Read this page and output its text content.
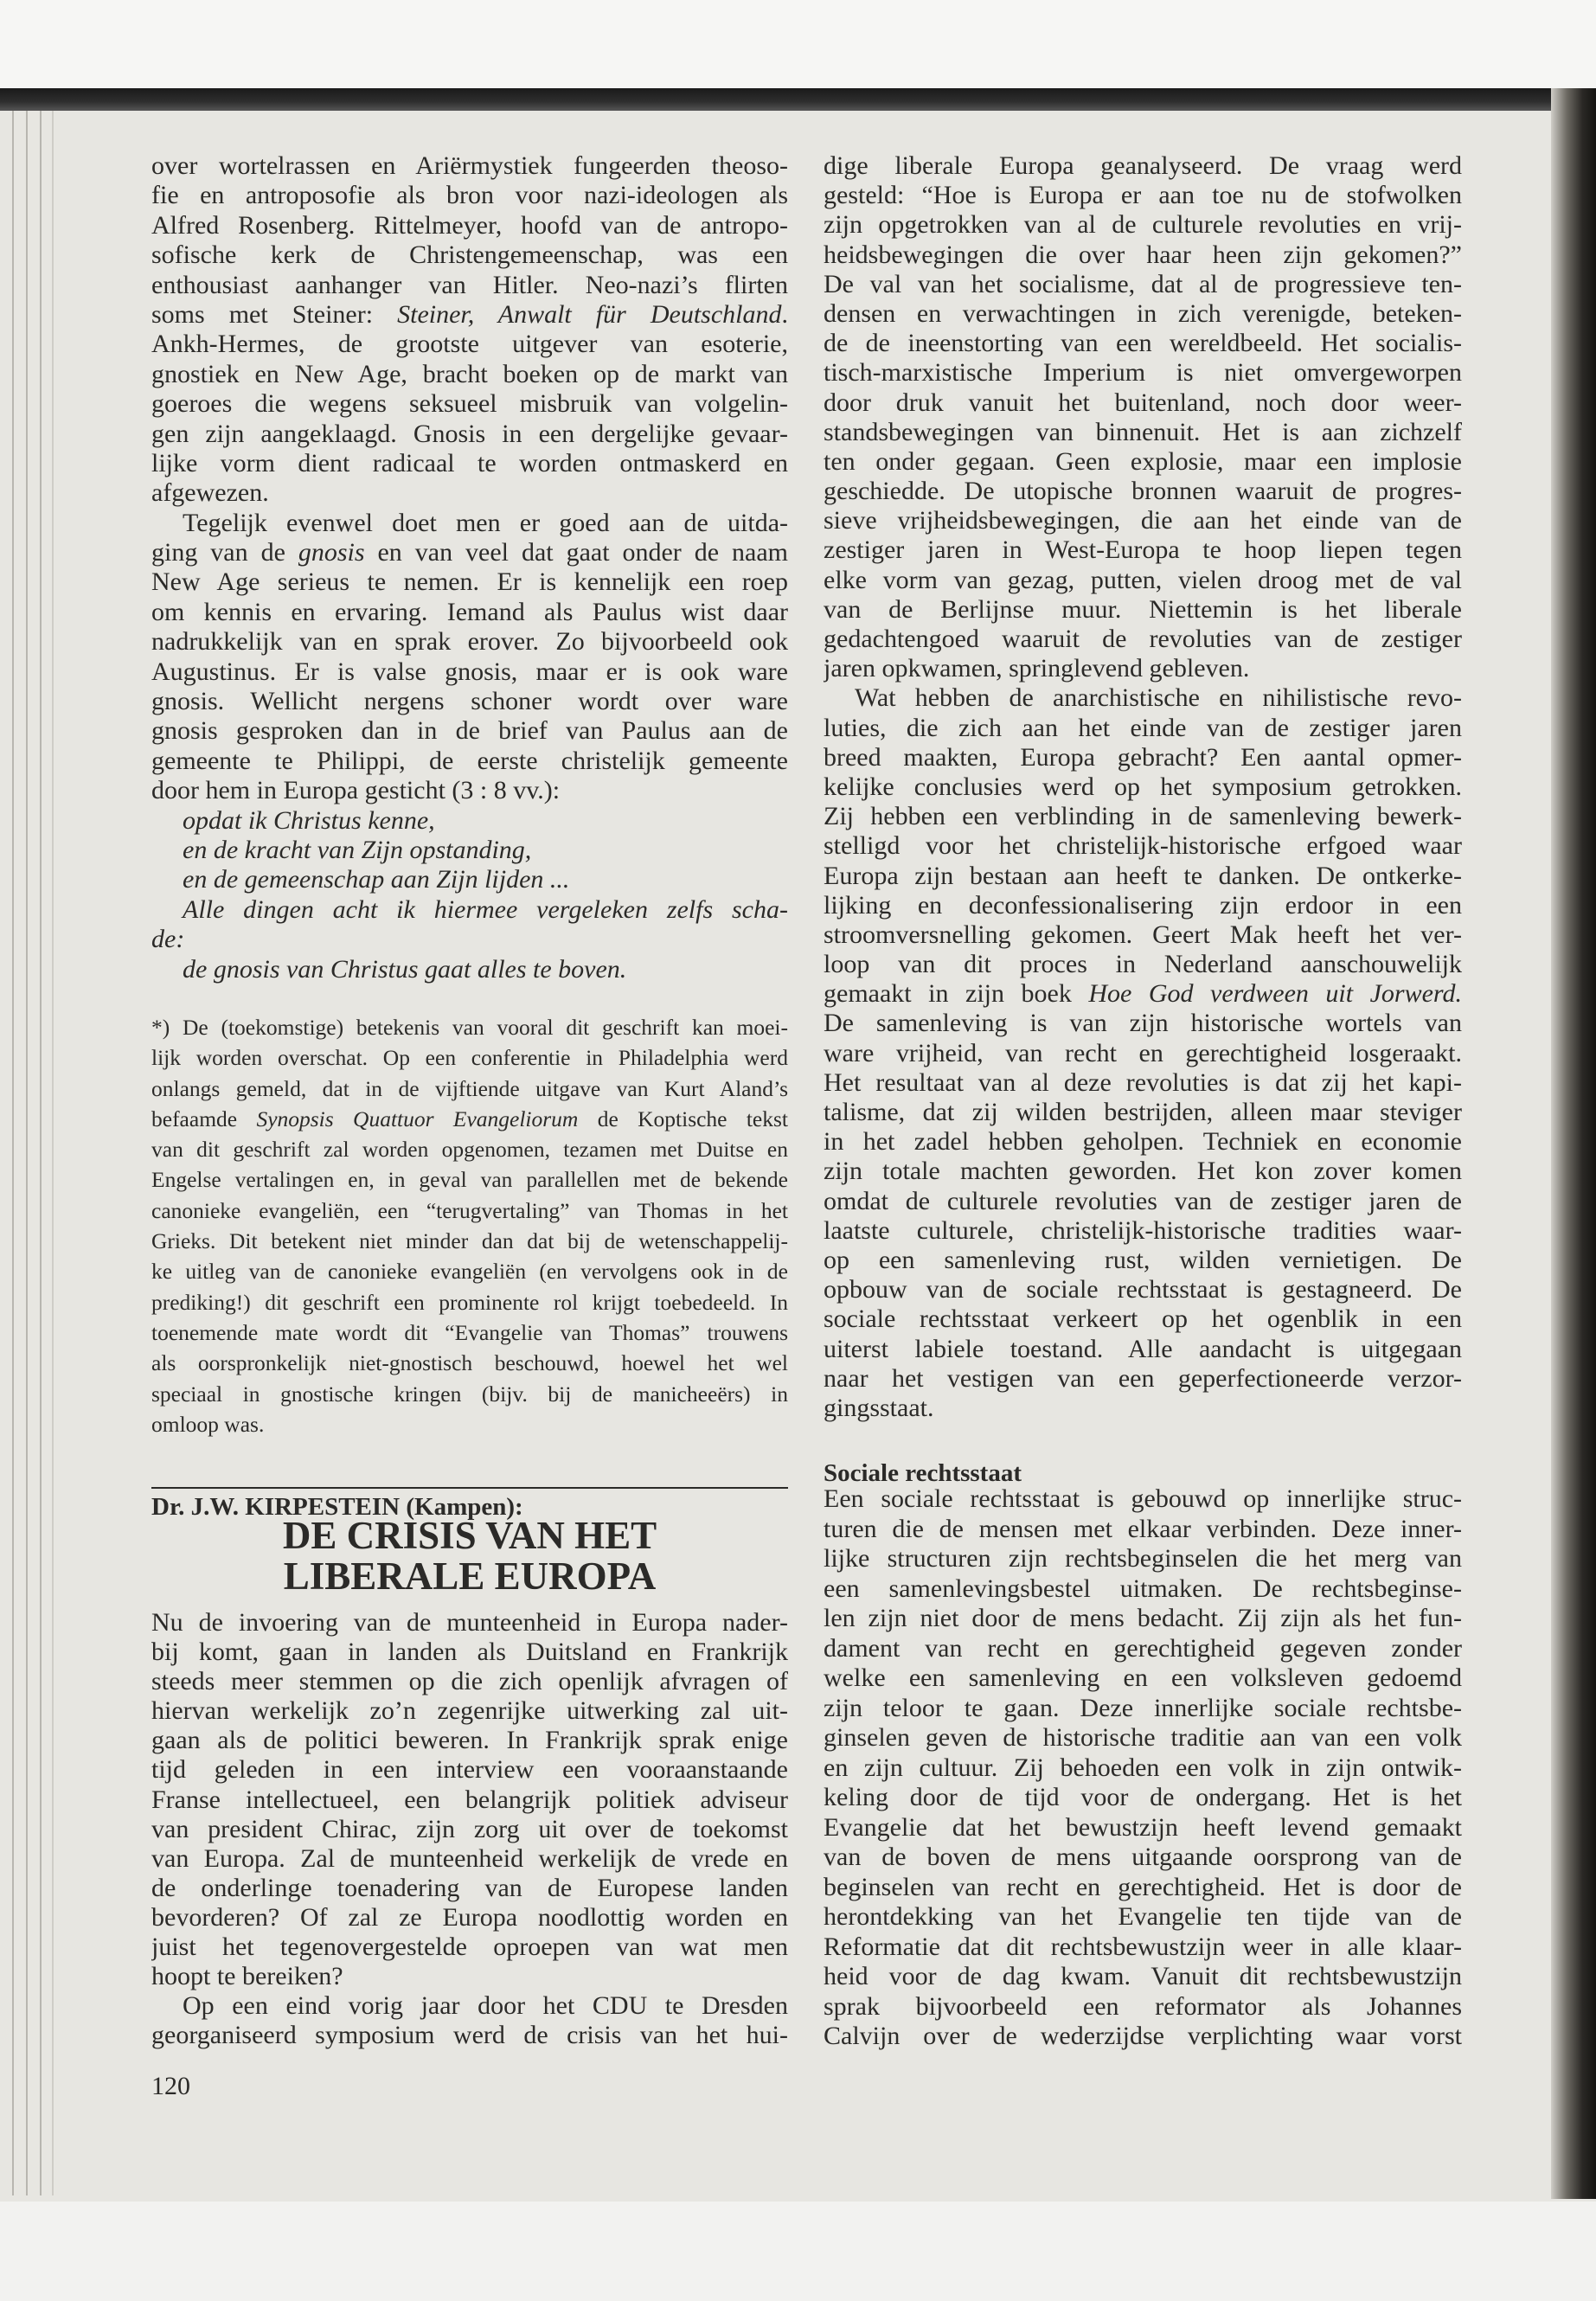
over wortelrassen en Ariërmystiek fungeerden theoso-
fie en antroposofie als bron voor nazi-ideologen als
Alfred Rosenberg. Rittelmeyer, hoofd van de antropo-
sofische kerk de Christengemeenschap, was een
enthousiast aanhanger van Hitler. Neo-nazi’s flirten
soms met Steiner: Steiner, Anwalt für Deutschland.
Ankh-Hermes, de grootste uitgever van esoterie,
gnostiek en New Age, bracht boeken op de markt van
goeroes die wegens seksueel misbruik van volgelin-
gen zijn aangeklaagd. Gnosis in een dergelijke gevaar-
lijke vorm dient radicaal te worden ontmaskerd en
afgewezen.
Tegelijk evenwel doet men er goed aan de uitda-
ging van de gnosis en van veel dat gaat onder de naam
New Age serieus te nemen. Er is kennelijk een roep
om kennis en ervaring. Iemand als Paulus wist daar
nadrukkelijk van en sprak erover. Zo bijvoorbeeld ook
Augustinus. Er is valse gnosis, maar er is ook ware
gnosis. Wellicht nergens schoner wordt over ware
gnosis gesproken dan in de brief van Paulus aan de
gemeente te Philippi, de eerste christelijk gemeente
door hem in Europa gesticht (3 : 8 vv.):
opdat ik Christus kenne,
en de kracht van Zijn opstanding,
en de gemeenschap aan Zijn lijden ...
Alle dingen acht ik hiermee vergeleken zelfs scha-
de:
de gnosis van Christus gaat alles te boven.
*) De (toekomstige) betekenis van vooral dit geschrift kan moei-
lijk worden overschat. Op een conferentie in Philadelphia werd
onlangs gemeld, dat in de vijftiende uitgave van Kurt Aland’s
befaamde Synopsis Quattuor Evangeliorum de Koptische tekst
van dit geschrift zal worden opgenomen, tezamen met Duitse en
Engelse vertalingen en, in geval van parallellen met de bekende
canonieke evangeliën, een “terugvertaling” van Thomas in het
Grieks. Dit betekent niet minder dan dat bij de wetenschappelij-
ke uitleg van de canonieke evangeliën (en vervolgens ook in de
prediking!) dit geschrift een prominente rol krijgt toebedeeld. In
toenemende mate wordt dit “Evangelie van Thomas” trouwens
als oorspronkelijk niet-gnostisch beschouwd, hoewel het wel
speciaal in gnostische kringen (bijv. bij de manicheeërs) in
omloop was.
Dr. J.W. KIRPESTEIN (Kampen):
DE CRISIS VAN HET
LIBERALE EUROPA
Nu de invoering van de munteenheid in Europa nader-
bij komt, gaan in landen als Duitsland en Frankrijk
steeds meer stemmen op die zich openlijk afvragen of
hiervan werkelijk zo’n zegenrijke uitwerking zal uit-
gaan als de politici beweren. In Frankrijk sprak enige
tijd geleden in een interview een vooraanstaande
Franse intellectueel, een belangrijk politiek adviseur
van president Chirac, zijn zorg uit over de toekomst
van Europa. Zal de munteenheid werkelijk de vrede en
de onderlinge toenadering van de Europese landen
bevorderen? Of zal ze Europa noodlottig worden en
juist het tegenovergestelde oproepen van wat men
hoopt te bereiken?
Op een eind vorig jaar door het CDU te Dresden
georganiseerd symposium werd de crisis van het hui-
120
dige liberale Europa geanalyseerd. De vraag werd
gesteld: “Hoe is Europa er aan toe nu de stofwolken
zijn opgetrokken van al de culturele revoluties en vrij-
heidsbewegingen die over haar heen zijn gekomen?”
De val van het socialisme, dat al de progressieve ten-
densen en verwachtingen in zich verenigde, beteken-
de de ineenstorting van een wereldbeeld. Het socialis-
tisch-marxistische Imperium is niet omvergeworpen
door druk vanuit het buitenland, noch door weer-
standsbewegingen van binnenuit. Het is aan zichzelf
ten onder gegaan. Geen explosie, maar een implosie
geschiedde. De utopische bronnen waaruit de progres-
sieve vrijheidsbewegingen, die aan het einde van de
zestiger jaren in West-Europa te hoop liepen tegen
elke vorm van gezag, putten, vielen droog met de val
van de Berlijnse muur. Niettemin is het liberale
gedachtengoed waaruit de revoluties van de zestiger
jaren opkwamen, springlevend gebleven.
Wat hebben de anarchistische en nihilistische revo-
luties, die zich aan het einde van de zestiger jaren
breed maakten, Europa gebracht? Een aantal opmer-
kelijke conclusies werd op het symposium getrokken.
Zij hebben een verblinding in de samenleving bewerk-
stelligd voor het christelijk-historische erfgoed waar
Europa zijn bestaan aan heeft te danken. De ontkerke-
lijking en deconfessionalisering zijn erdoor in een
stroomversnelling gekomen. Geert Mak heeft het ver-
loop van dit proces in Nederland aanschouwelijk
gemaakt in zijn boek Hoe God verdween uit Jorwerd.
De samenleving is van zijn historische wortels van
ware vrijheid, van recht en gerechtigheid losgeraakt.
Het resultaat van al deze revoluties is dat zij het kapi-
talisme, dat zij wilden bestrijden, alleen maar steviger
in het zadel hebben geholpen. Techniek en economie
zijn totale machten geworden. Het kon zover komen
omdat de culturele revoluties van de zestiger jaren de
laatste culturele, christelijk-historische tradities waar-
op een samenleving rust, wilden vernietigen. De
opbouw van de sociale rechtsstaat is gestagneerd. De
sociale rechtsstaat verkeert op het ogenblik in een
uiterst labiele toestand. Alle aandacht is uitgegaan
naar het vestigen van een geperfectioneerde verzor-
gingsstaat.
Sociale rechtsstaat
Een sociale rechtsstaat is gebouwd op innerlijke struc-
turen die de mensen met elkaar verbinden. Deze inner-
lijke structuren zijn rechtsbeginselen die het merg van
een samenlevingsbestel uitmaken. De rechtsbeginse-
len zijn niet door de mens bedacht. Zij zijn als het fun-
dament van recht en gerechtigheid gegeven zonder
welke een samenleving en een volksleven gedoemd
zijn teloor te gaan. Deze innerlijke sociale rechtsbe-
ginselen geven de historische traditie aan van een volk
en zijn cultuur. Zij behoeden een volk in zijn ontwik-
keling door de tijd voor de ondergang. Het is het
Evangelie dat het bewustzijn heeft levend gemaakt
van de boven de mens uitgaande oorsprong van de
beginselen van recht en gerechtigheid. Het is door de
herontdekking van het Evangelie ten tijde van de
Reformatie dat dit rechtsbewustzijn weer in alle klaar-
heid voor de dag kwam. Vanuit dit rechtsbewustzijn
sprak bijvoorbeeld een reformator als Johannes
Calvijn over de wederzijdse verplichting waar vorst
